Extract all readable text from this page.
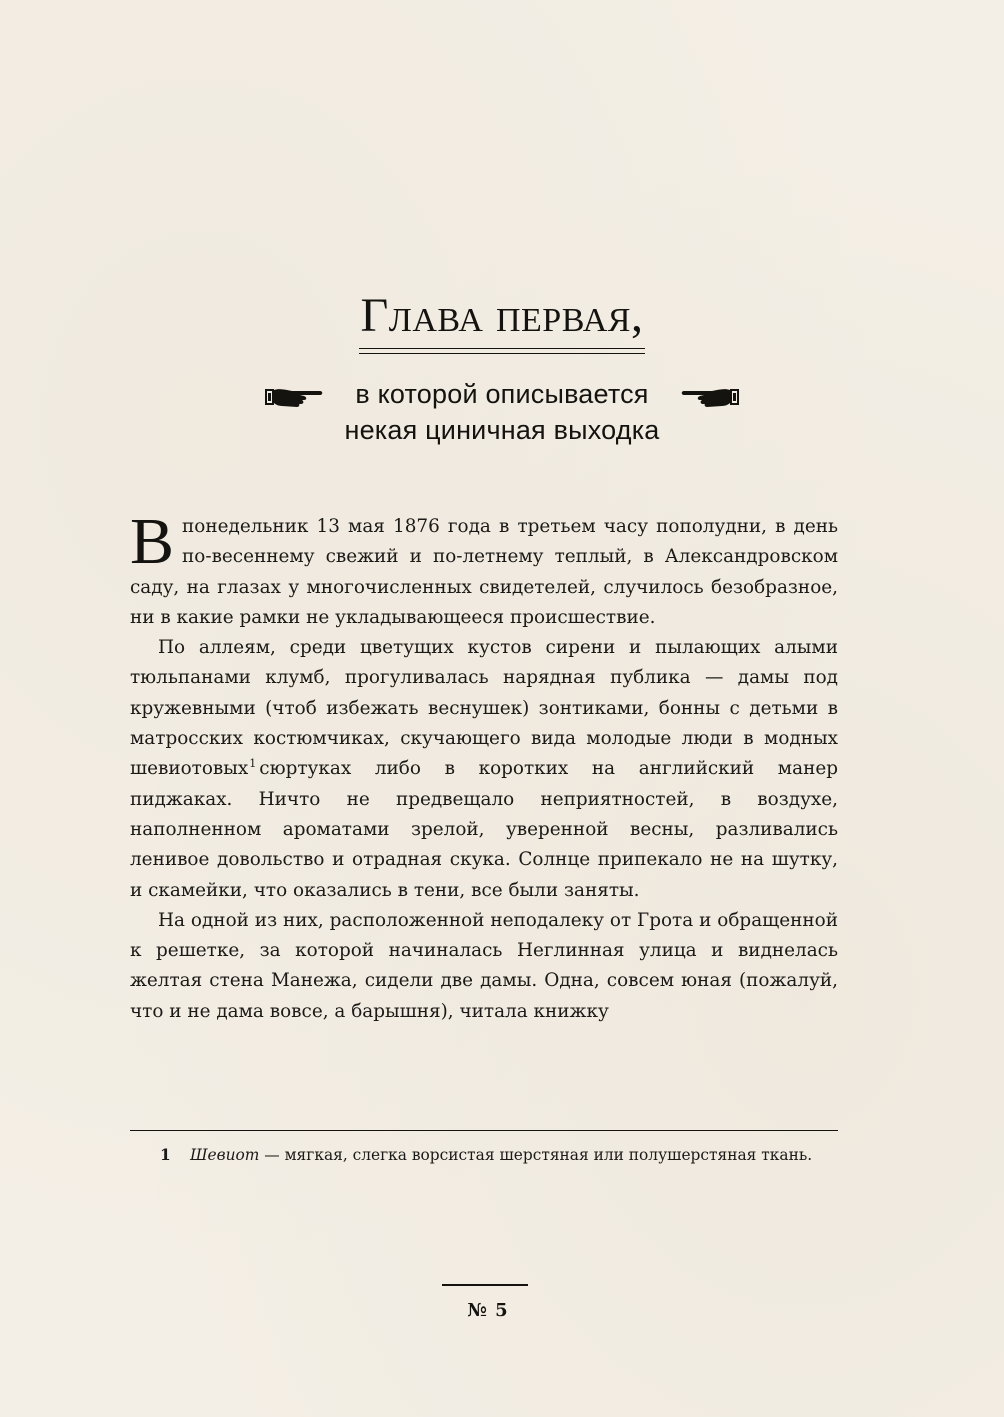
Глава первая,
в которой описывается
некая циничная выходка

В понедельник 13 мая 1876 года в третьем часу пополудни, в день по-весеннему свежий и по-летнему теплый, в Александровском саду, на глазах у многочисленных свидетелей, случилось безобразное, ни в какие рамки не укладывающееся происшествие.

По аллеям, среди цветущих кустов сирени и пылающих алыми тюльпанами клумб, прогуливалась нарядная публика — дамы под кружевными (чтоб избежать веснушек) зонтиками, бонны с детьми в матросских костюмчиках, скучающего вида молодые люди в модных шевиотовых$^1$ сюртуках либо в коротких на английский манер пиджаках. Ничто не предвещало неприятностей, в воздухе, наполненном ароматами зрелой, уверенной весны, разливались ленивое довольство и отрадная скука. Солнце припекало не на шутку, и скамейки, что оказались в тени, все были заняты.

На одной из них, расположенной неподалеку от Грота и обращенной к решетке, за которой начиналась Неглинная улица и виднелась желтая стена Манежа, сидели две дамы. Одна, совсем юная (пожалуй, что и не дама вовсе, а барышня), читала книжку

1 Шевиот — мягкая, слегка ворсистая шерстяная или полушерстяная ткань.
№ 5
